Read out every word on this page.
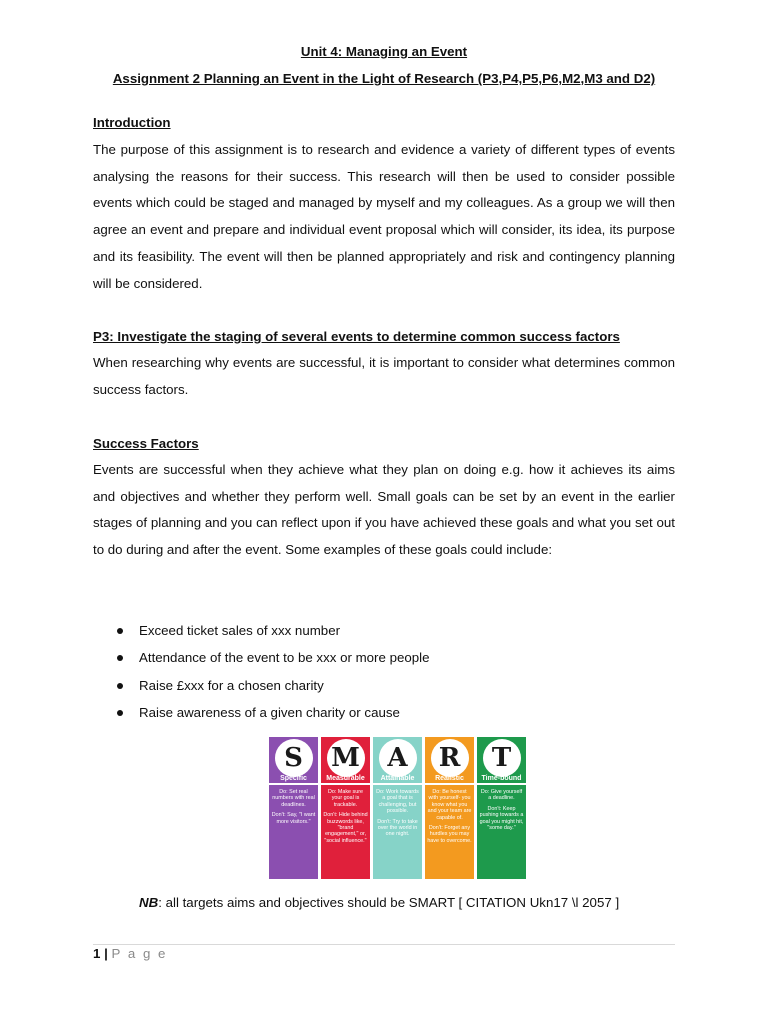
Unit 4: Managing an Event
Assignment 2 Planning an Event in the Light of Research (P3,P4,P5,P6,M2,M3 and D2)
Introduction

The purpose of this assignment is to research and evidence a variety of different types of events analysing the reasons for their success. This research will then be used to consider possible events which could be staged and managed by myself and my colleagues. As a group we will then agree an event and prepare and individual event proposal which will consider, its idea, its purpose and its feasibility. The event will then be planned appropriately and risk and contingency planning will be considered.

P3: Investigate the staging of several events to determine common success factors

When researching why events are successful, it is important to consider what determines common success factors.

Success Factors

Events are successful when they achieve what they plan on doing e.g. how it achieves its aims and objectives and whether they perform well. Small goals can be set by an event in the earlier stages of planning and you can reflect upon if you have achieved these goals and what you set out to do during and after the event. Some examples of these goals could include:

Exceed ticket sales of xxx number
Attendance of the event to be xxx or more people
Raise £xxx for a chosen charity
Raise awareness of a given charity or cause
S
Specific

Do: Set real numbers with real deadlines.

Don't: Say, "I want more visitors."

M
Measurable

Do: Make sure your goal is trackable.

Don't: Hide behind buzzwords like, "brand engagement," or, "social influence."

A
Attainable

Do: Work towards a goal that is challenging, but possible.

Don't: Try to take over the world in one night.

R
Realistic

Do: Be honest with yourself- you know what you and your team are capable of.

Don't: Forget any hurdles you may have to overcome.

T
Time-bound

Do: Give yourself a deadline.

Don't: Keep pushing towards a goal you might hit, "some day."

NB: all targets aims and objectives should be SMART [ CITATION Ukn17 \l 2057 ]
1 | P a g e
